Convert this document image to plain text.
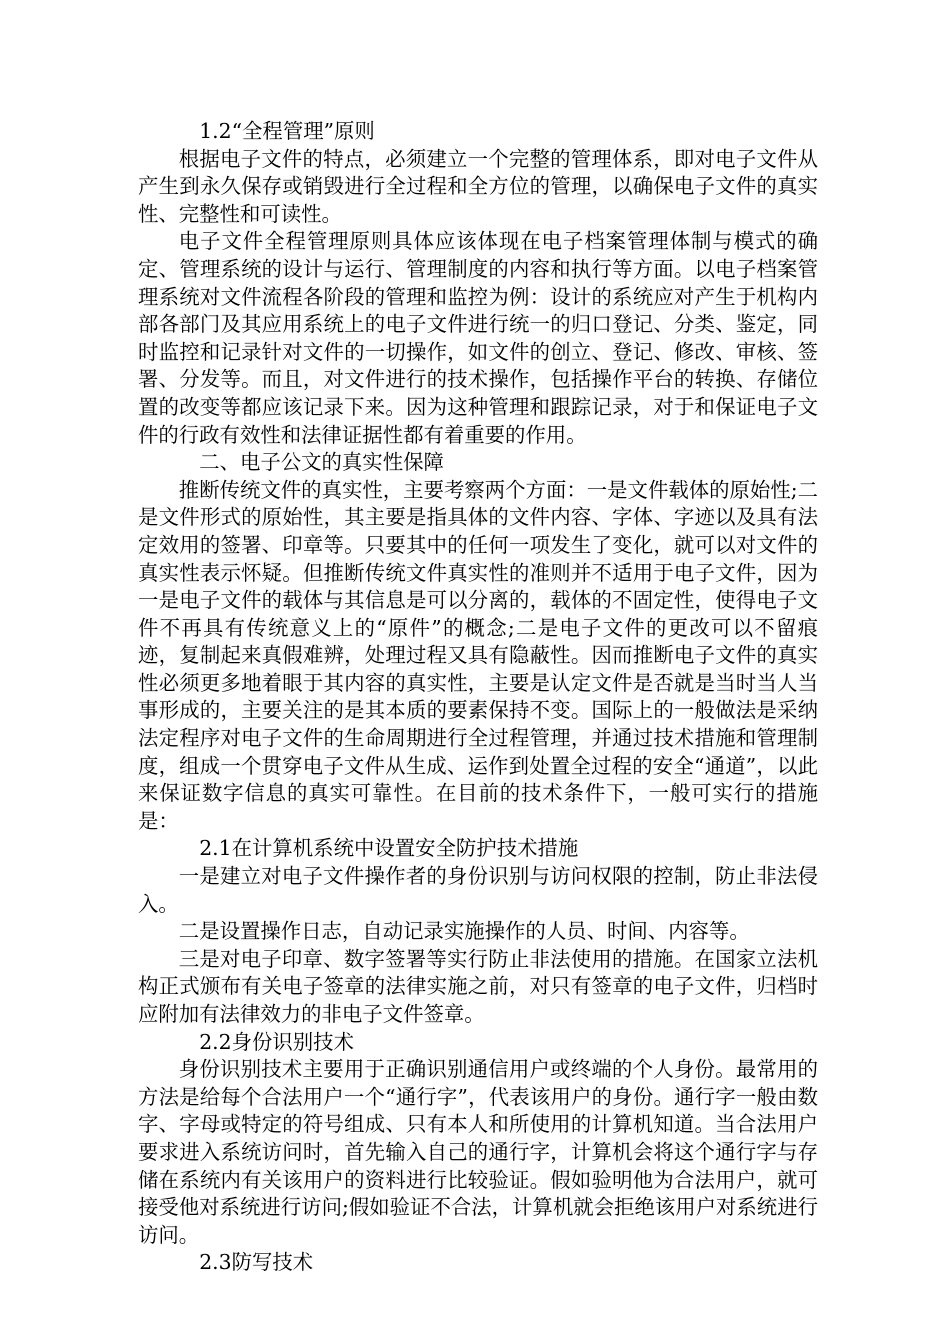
1.2“全程管理”原则

根据电子文件的特点，必须建立一个完整的管理体系，即对电子文件从产生到永久保存或销毁进行全过程和全方位的管理，以确保电子文件的真实性、完整性和可读性。

电子文件全程管理原则具体应该体现在电子档案管理体制与模式的确定、管理系统的设计与运行、管理制度的内容和执行等方面。以电子档案管理系统对文件流程各阶段的管理和监控为例：设计的系统应对产生于机构内部各部门及其应用系统上的电子文件进行统一的归口登记、分类、鉴定，同时监控和记录针对文件的一切操作，如文件的创立、登记、修改、审核、签署、分发等。而且，对文件进行的技术操作，包括操作平台的转换、存储位置的改变等都应该记录下来。因为这种管理和跟踪记录，对于和保证电子文件的行政有效性和法律证据性都有着重要的作用。

二、电子公文的真实性保障

推断传统文件的真实性，主要考察两个方面：一是文件载体的原始性;二是文件形式的原始性，其主要是指具体的文件内容、字体、字迹以及具有法定效用的签署、印章等。只要其中的任何一项发生了变化，就可以对文件的真实性表示怀疑。但推断传统文件真实性的准则并不适用于电子文件，因为一是电子文件的载体与其信息是可以分离的，载体的不固定性，使得电子文件不再具有传统意义上的“原件”的概念;二是电子文件的更改可以不留痕迹，复制起来真假难辨，处理过程又具有隐蔽性。因而推断电子文件的真实性必须更多地着眼于其内容的真实性，主要是认定文件是否就是当时当人当事形成的，主要关注的是其本质的要素保持不变。国际上的一般做法是采纳法定程序对电子文件的生命周期进行全过程管理，并通过技术措施和管理制度，组成一个贯穿电子文件从生成、运作到处置全过程的安全“通道”，以此来保证数字信息的真实可靠性。在目前的技术条件下，一般可实行的措施是：

2.1在计算机系统中设置安全防护技术措施

一是建立对电子文件操作者的身份识别与访问权限的控制，防止非法侵入。

二是设置操作日志，自动记录实施操作的人员、时间、内容等。

三是对电子印章、数字签署等实行防止非法使用的措施。在国家立法机构正式颁布有关电子签章的法律实施之前，对只有签章的电子文件，归档时应附加有法律效力的非电子文件签章。

2.2身份识别技术

身份识别技术主要用于正确识别通信用户或终端的个人身份。最常用的方法是给每个合法用户一个“通行字”，代表该用户的身份。通行字一般由数字、字母或特定的符号组成、只有本人和所使用的计算机知道。当合法用户要求进入系统访问时，首先输入自己的通行字，计算机会将这个通行字与存储在系统内有关该用户的资料进行比较验证。假如验明他为合法用户，就可接受他对系统进行访问;假如验证不合法，计算机就会拒绝该用户对系统进行访问。

2.3防写技术
